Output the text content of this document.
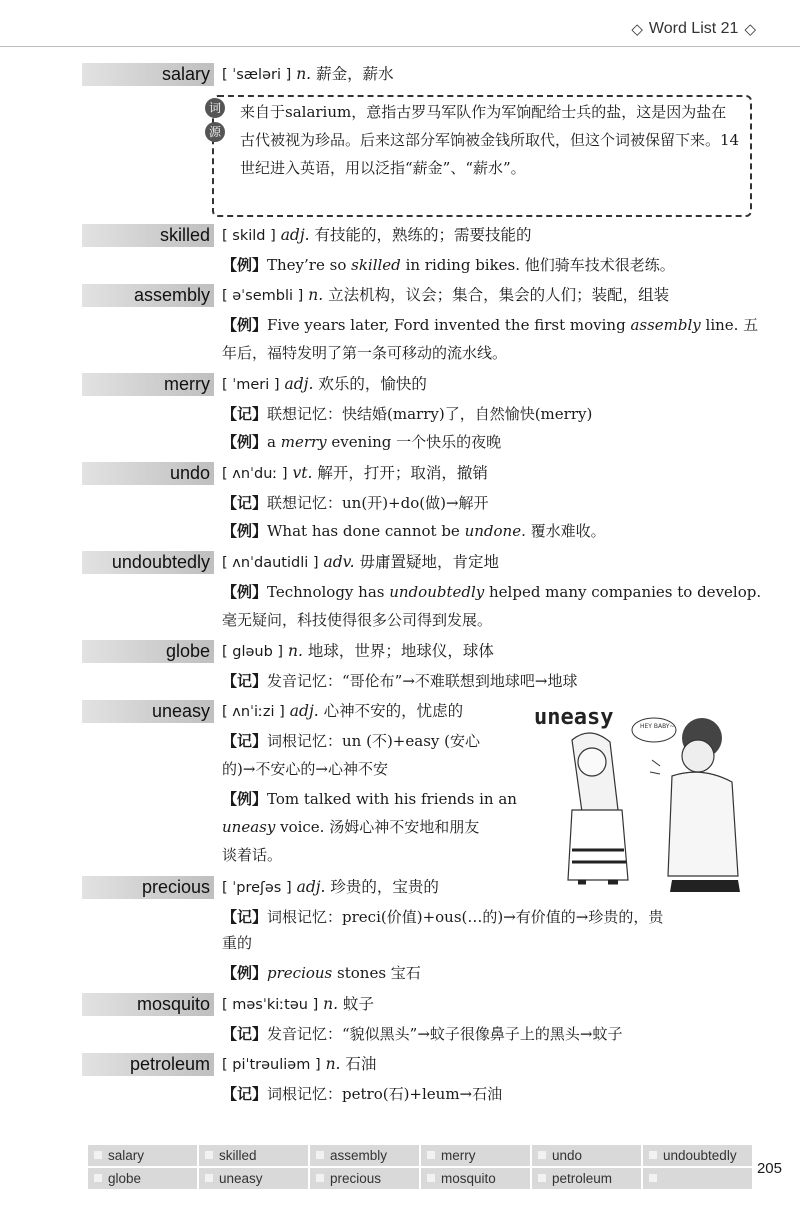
◇ Word List 21 ◇
salary [ ˈsæləri ] n. 薪金，薪水
词
源
来自于salarium，意指古罗马军队作为军饷配给士兵的盐，这是因为盐在古代被视为珍品。后来这部分军饷被金钱所取代，但这个词被保留下来。14世纪进入英语，用以泛指“薪金”、“薪水”。
skilled [ skild ] adj. 有技能的，熟练的；需要技能的
【例】They’re so skilled in riding bikes. 他们骑车技术很老练。
assembly [ əˈsembli ] n. 立法机构，议会；集合，集会的人们；装配，组装
【例】Five years later, Ford invented the first moving assembly line. 五
年后，福特发明了第一条可移动的流水线。
merry [ ˈmeri ] adj. 欢乐的，愉快的
【记】联想记忆：快结婚(marry)了，自然愉快(merry)
【例】a merry evening 一个快乐的夜晚
undo [ ʌnˈduː ] vt. 解开，打开；取消，撤销
【记】联想记忆：un(开)+do(做)→解开
【例】What has done cannot be undone. 覆水难收。
undoubtedly [ ʌnˈdautidli ] adv. 毋庸置疑地，肯定地
【例】Technology has undoubtedly helped many companies to develop.
毫无疑问，科技使得很多公司得到发展。
globe [ gləub ] n. 地球，世界；地球仪，球体
【记】发音记忆：“哥伦布”→不难联想到地球吧→地球
uneasy [ ʌnˈiːzi ] adj. 心神不安的，忧虑的
【记】词根记忆：un (不)+easy (安心
的)→不安心的→心神不安
【例】Tom talked with his friends in an
uneasy voice. 汤姆心神不安地和朋友
谈着话。
uneasy	HEY BABY~
precious [ ˈpreʃəs ] adj. 珍贵的，宝贵的
【记】词根记忆：preci(价值)+ous(…的)→有价值的→珍贵的，贵
重的
【例】precious stones 宝石
mosquito [ məsˈkiːtəu ] n. 蚊子
【记】发音记忆：“貌似黑头”→蚊子很像鼻子上的黑头→蚊子
petroleum [ piˈtrəuliəm ] n. 石油
【记】词根记忆：petro(石)+leum→石油
salary	skilled	assembly	merry	undo	undoubtedly
globe	uneasy	precious	mosquito	petroleum
205
